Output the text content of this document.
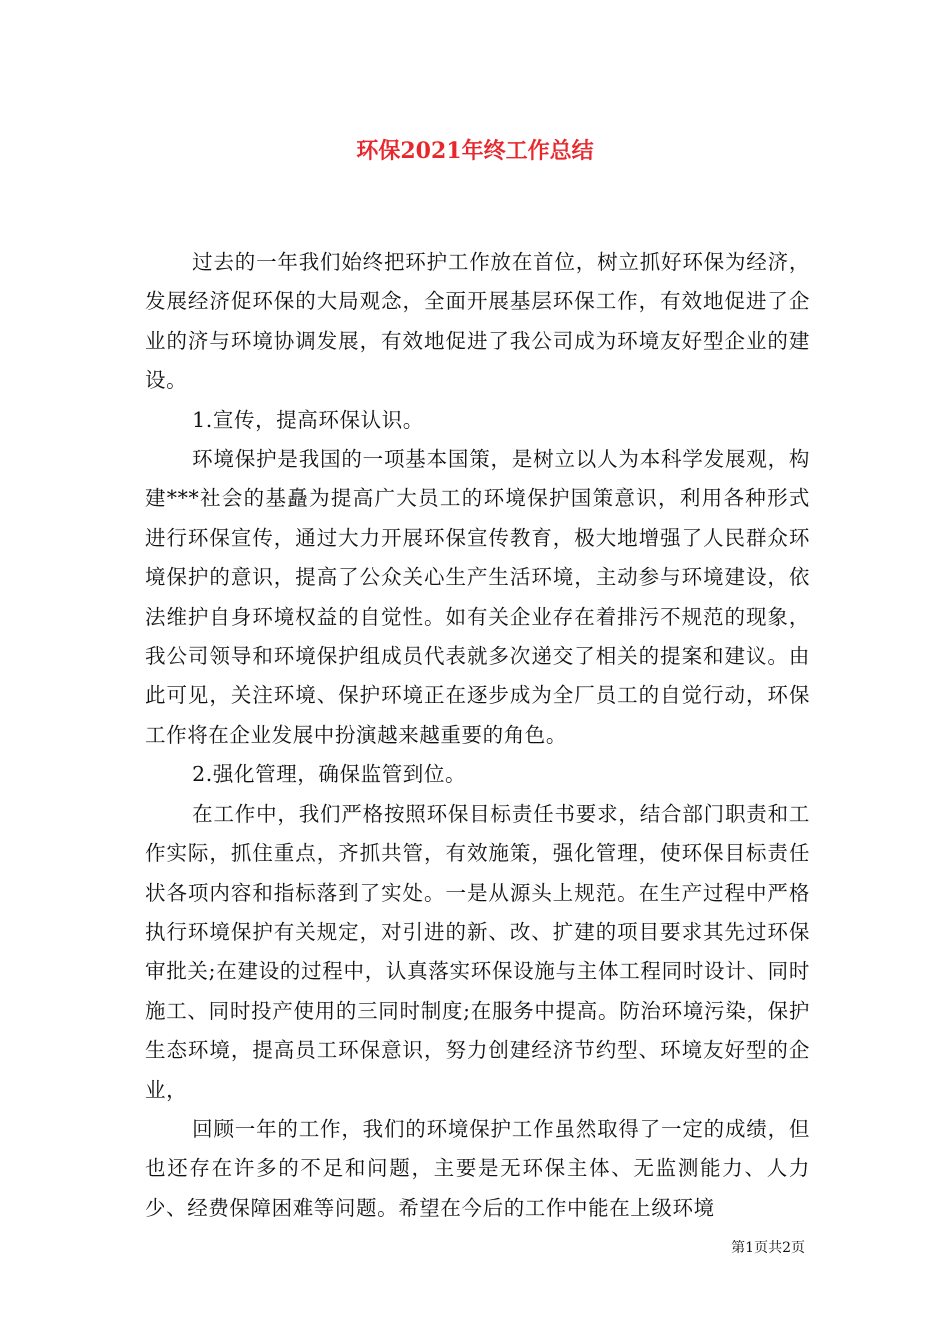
环保2021年终工作总结

过去的一年我们始终把环护工作放在首位，树立抓好环保为经济，发展经济促环保的大局观念，全面开展基层环保工作，有效地促进了企业的济与环境协调发展，有效地促进了我公司成为环境友好型企业的建设。

1.宣传，提高环保认识。

环境保护是我国的一项基本国策，是树立以人为本科学发展观，构建***社会的基矗为提高广大员工的环境保护国策意识，利用各种形式进行环保宣传，通过大力开展环保宣传教育，极大地增强了人民群众环境保护的意识，提高了公众关心生产生活环境，主动参与环境建设，依法维护自身环境权益的自觉性。如有关企业存在着排污不规范的现象，我公司领导和环境保护组成员代表就多次递交了相关的提案和建议。由此可见，关注环境、保护环境正在逐步成为全厂员工的自觉行动，环保工作将在企业发展中扮演越来越重要的角色。

2.强化管理，确保监管到位。

在工作中，我们严格按照环保目标责任书要求，结合部门职责和工作实际，抓住重点，齐抓共管，有效施策，强化管理，使环保目标责任状各项内容和指标落到了实处。一是从源头上规范。在生产过程中严格执行环境保护有关规定，对引进的新、改、扩建的项目要求其先过环保审批关;在建设的过程中，认真落实环保设施与主体工程同时设计、同时施工、同时投产使用的三同时制度;在服务中提高。防治环境污染，保护生态环境，提高员工环保意识，努力创建经济节约型、环境友好型的企业，

回顾一年的工作，我们的环境保护工作虽然取得了一定的成绩，但也还存在许多的不足和问题，主要是无环保主体、无监测能力、人力少、经费保障困难等问题。希望在今后的工作中能在上级环境

第1页共2页
